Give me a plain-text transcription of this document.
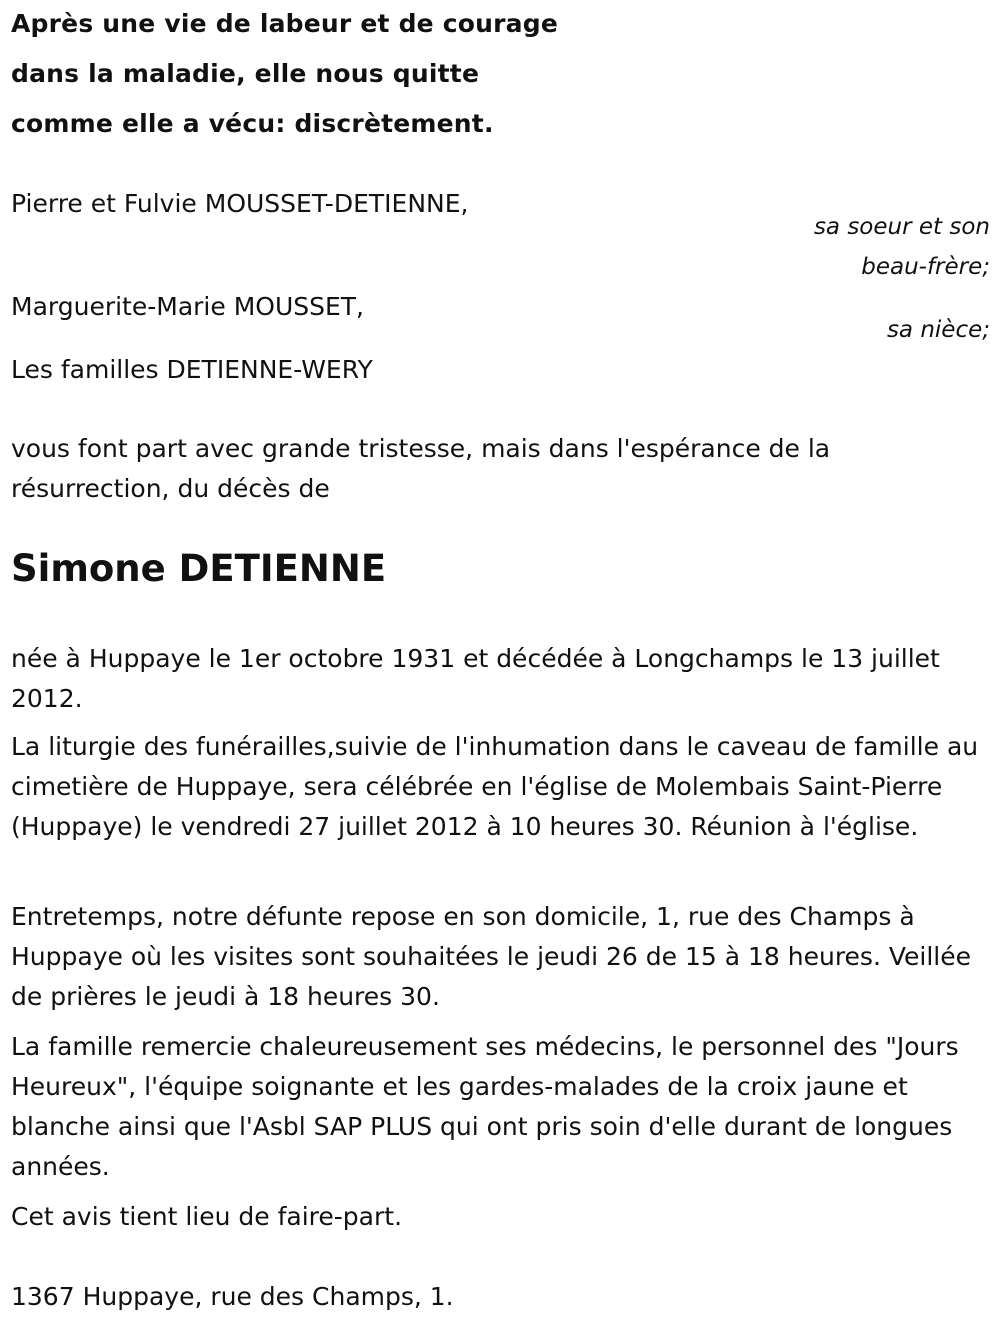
Après une vie de labeur et de courage
dans la maladie, elle nous quitte
comme elle a vécu: discrètement.
Pierre et Fulvie MOUSSET-DETIENNE,
sa soeur et son
beau-frère;
Marguerite-Marie MOUSSET,
sa nièce;
Les familles DETIENNE-WERY
vous font part avec grande tristesse, mais dans l'espérance de la résurrection, du décès de
Simone DETIENNE
née à Huppaye le 1er octobre 1931 et décédée à Longchamps le 13 juillet 2012.
La liturgie des funérailles,suivie de l'inhumation dans le caveau de famille au cimetière de Huppaye, sera célébrée en l'église de Molembais Saint-Pierre (Huppaye) le vendredi 27 juillet 2012 à 10 heures 30. Réunion à l'église.
Entretemps, notre défunte repose en son domicile, 1, rue des Champs à Huppaye où les visites sont souhaitées le jeudi 26 de 15 à 18 heures. Veillée de prières le jeudi à 18 heures 30.
La famille remercie chaleureusement ses médecins, le personnel des "Jours Heureux", l'équipe soignante et les gardes-malades de la croix jaune et blanche ainsi que l'Asbl SAP PLUS qui ont pris soin d'elle durant de longues années.
Cet avis tient lieu de faire-part.
1367 Huppaye, rue des Champs, 1.
